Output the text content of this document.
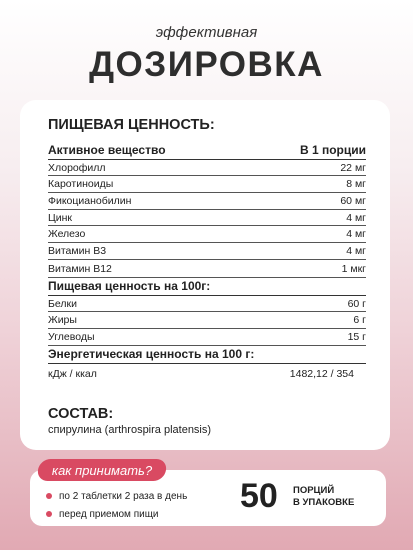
эффективная
ДОЗИРОВКА
ПИЩЕВАЯ ЦЕННОСТЬ:
Активное вещество	В 1 порции
Хлорофилл	22 мг
Каротиноиды	8 мг
Фикоцианобилин	60 мг
Цинк	4 мг
Железо	4 мг
Витамин В3	4 мг
Витамин В12	1 мкг
Пищевая ценность на 100г:
Белки	60 г
Жиры	6 г
Углеводы	15 г
Энергетическая ценность на 100 г:
кДж / ккал	1482,12 / 354
СОСТАВ:
спирулина (arthrospira platensis)
как принимать?
по 2 таблетки 2 раза в день
перед приемом пищи 50 ПОРЦИЙ
В УПАКОВКЕ
